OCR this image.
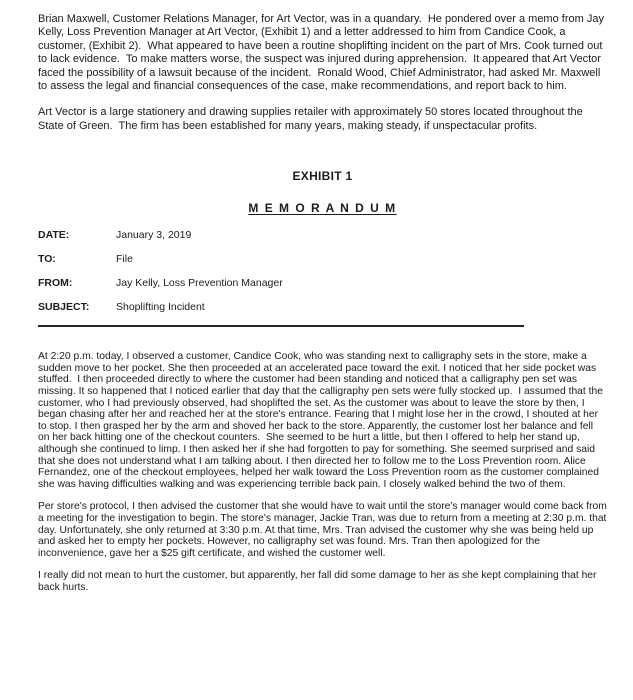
Brian Maxwell, Customer Relations Manager, for Art Vector, was in a quandary.  He pondered over a memo from Jay Kelly, Loss Prevention Manager at Art Vector, (Exhibit 1) and a letter addressed to him from Candice Cook, a customer, (Exhibit 2).  What appeared to have been a routine shoplifting incident on the part of Mrs. Cook turned out to lack evidence.  To make matters worse, the suspect was injured during apprehension.  It appeared that Art Vector faced the possibility of a lawsuit because of the incident.  Ronald Wood, Chief Administrator, had asked Mr. Maxwell to assess the legal and financial consequences of the case, make recommendations, and report back to him.

Art Vector is a large stationery and drawing supplies retailer with approximately 50 stores located throughout the State of Green.  The firm has been established for many years, making steady, if unspectacular profits.

EXHIBIT 1
M E M O R A N D U M
DATE:	January 3, 2019
TO:	File
FROM:	Jay Kelly, Loss Prevention Manager
SUBJECT:	Shoplifting Incident

At 2:20 p.m. today, I observed a customer, Candice Cook, who was standing next to calligraphy sets in the store, make a sudden move to her pocket. She then proceeded at an accelerated pace toward the exit. I noticed that her side pocket was stuffed.  I then proceeded directly to where the customer had been standing and noticed that a calligraphy pen set was missing. It so happened that I noticed earlier that day that the calligraphy pen sets were fully stocked up.  I assumed that the customer, who I had previously observed, had shoplifted the set. As the customer was about to leave the store by then, I began chasing after her and reached her at the store's entrance. Fearing that I might lose her in the crowd, I shouted at her to stop. I then grasped her by the arm and shoved her back to the store. Apparently, the customer lost her balance and fell on her back hitting one of the checkout counters.  She seemed to be hurt a little, but then I offered to help her stand up, although she continued to limp. I then asked her if she had forgotten to pay for something. She seemed surprised and said that she does not understand what I am talking about. I then directed her to follow me to the Loss Prevention room. Alice Fernandez, one of the checkout employees, helped her walk toward the Loss Prevention room as the customer complained she was having difficulties walking and was experiencing terrible back pain. I closely walked behind the two of them.

Per store's protocol, I then advised the customer that she would have to wait until the store's manager would come back from a meeting for the investigation to begin. The store's manager, Jackie Tran, was due to return from a meeting at 2:30 p.m. that day. Unfortunately, she only returned at 3:30 p.m. At that time, Mrs. Tran advised the customer why she was being held up and asked her to empty her pockets. However, no calligraphy set was found. Mrs. Tran then apologized for the inconvenience, gave her a $25 gift certificate, and wished the customer well.

I really did not mean to hurt the customer, but apparently, her fall did some damage to her as she kept complaining that her back hurts.
